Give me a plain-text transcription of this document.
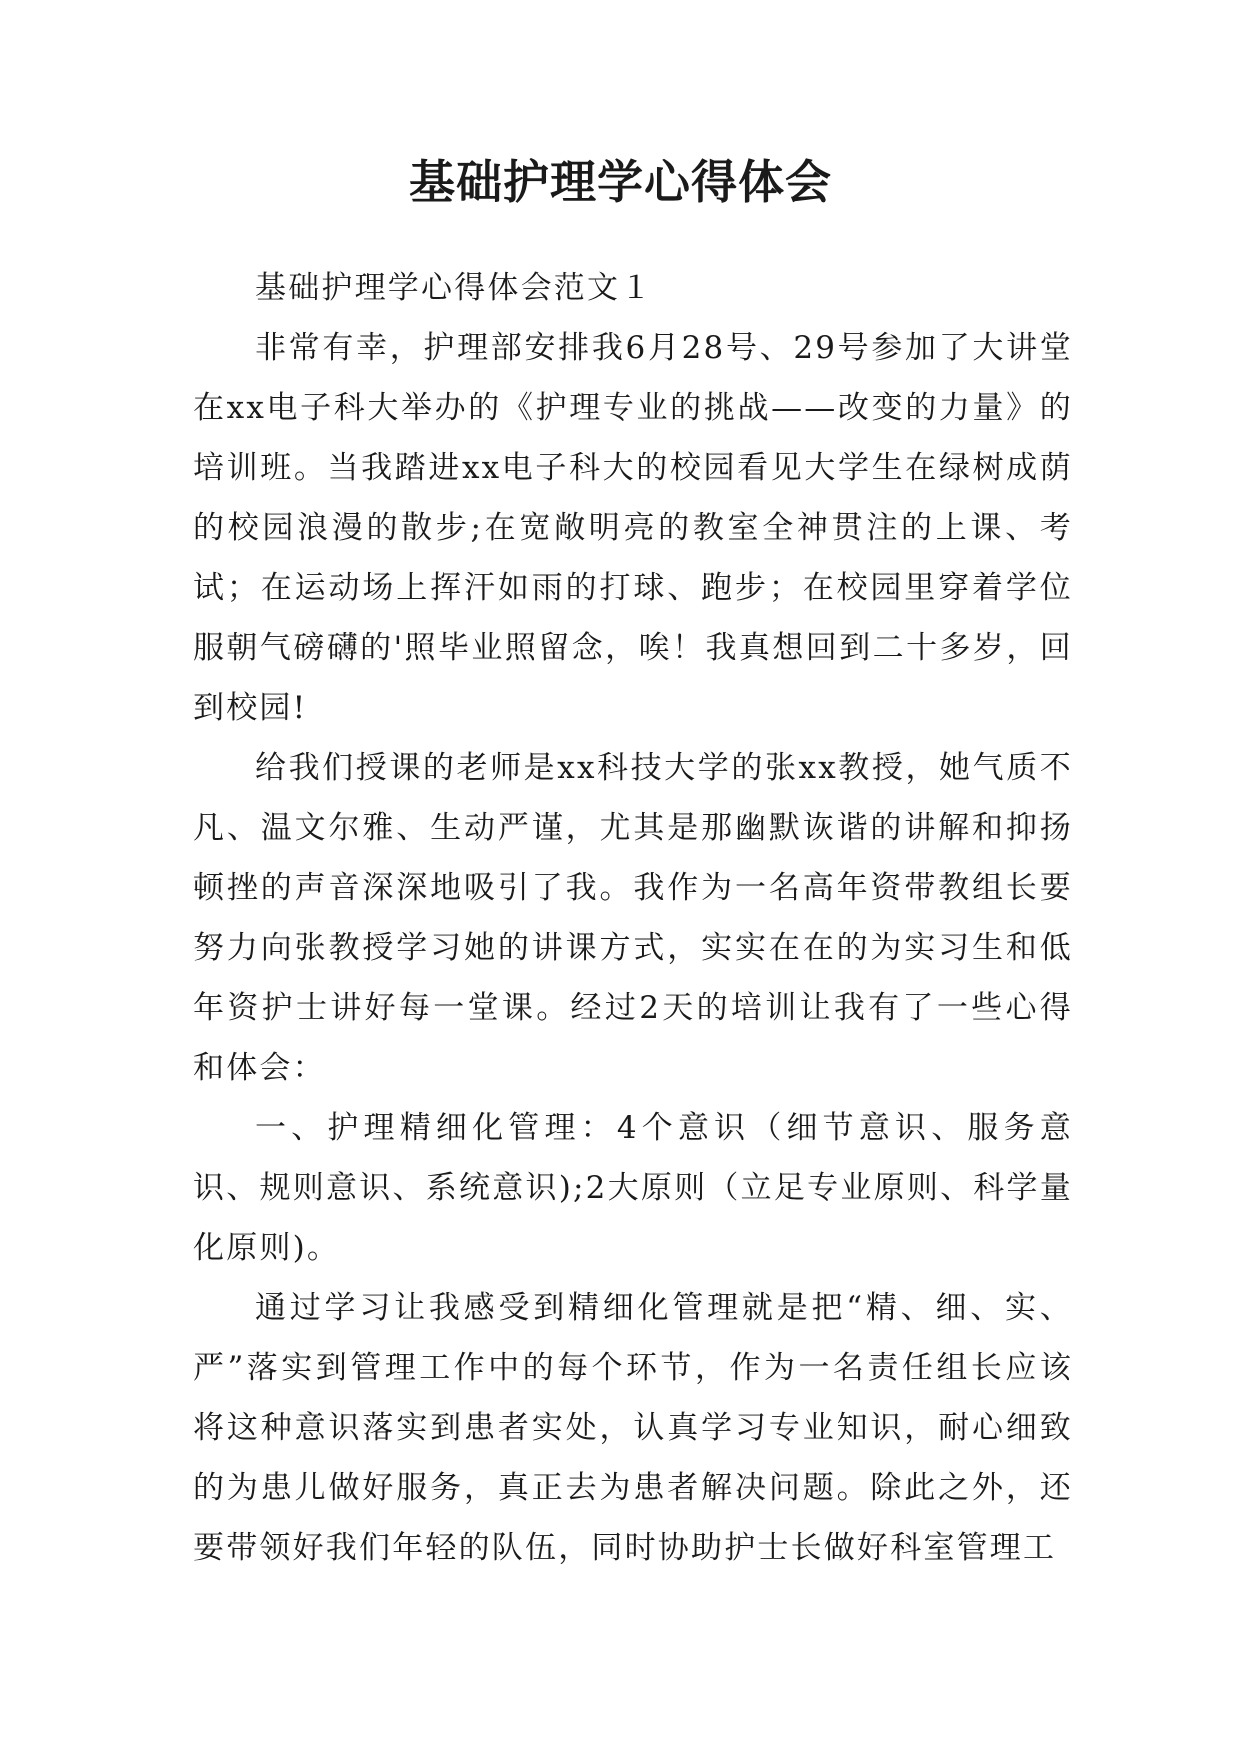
基础护理学心得体会

基础护理学心得体会范文１

非常有幸，护理部安排我6月28号、29号参加了大讲堂在xx电子科大举办的《护理专业的挑战——改变的力量》的培训班。当我踏进xx电子科大的校园看见大学生在绿树成荫的校园浪漫的散步;在宽敞明亮的教室全神贯注的上课、考试；在运动场上挥汗如雨的打球、跑步；在校园里穿着学位服朝气磅礴的'照毕业照留念，唉！我真想回到二十多岁，回到校园!

给我们授课的老师是xx科技大学的张xx教授，她气质不凡、温文尔雅、生动严谨，尤其是那幽默诙谐的讲解和抑扬顿挫的声音深深地吸引了我。我作为一名高年资带教组长要努力向张教授学习她的讲课方式，实实在在的为实习生和低年资护士讲好每一堂课。经过2天的培训让我有了一些心得和体会：

一、护理精细化管理：4个意识（细节意识、服务意识、规则意识、系统意识);2大原则（立足专业原则、科学量化原则)。

通过学习让我感受到精细化管理就是把“精、细、实、严”落实到管理工作中的每个环节，作为一名责任组长应该将这种意识落实到患者实处，认真学习专业知识，耐心细致的为患儿做好服务，真正去为患者解决问题。除此之外，还要带领好我们年轻的队伍，同时协助护士长做好科室管理工
